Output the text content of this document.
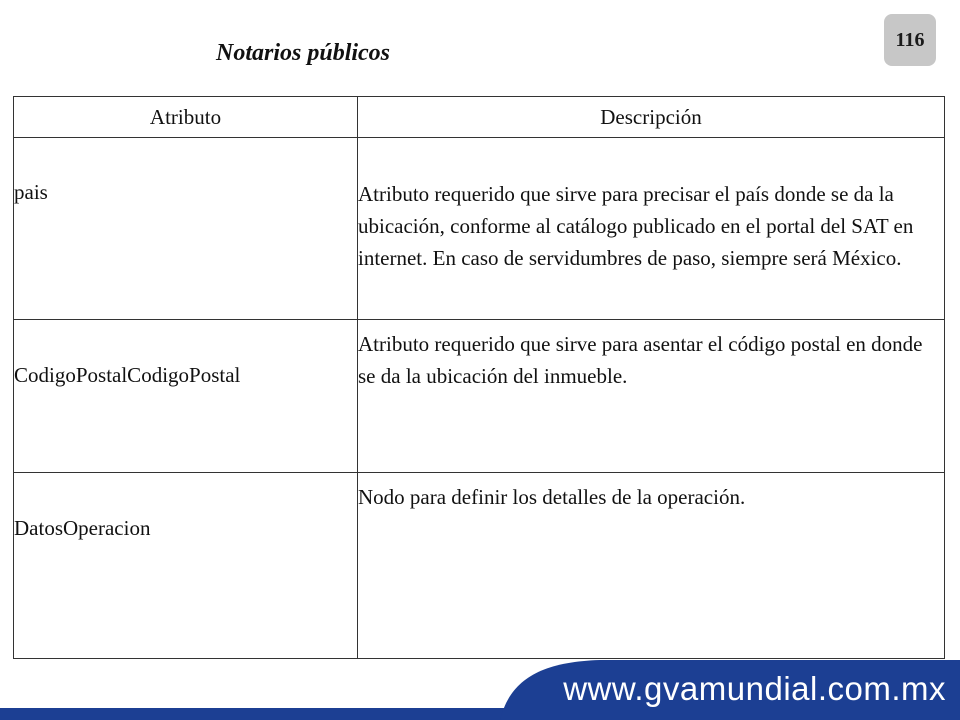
116
Notarios públicos
Atributo	Descripción

pais	Atributo requerido que sirve para precisar el país donde se da la ubicación, conforme al catálogo publicado en el portal del SAT en internet. En caso de servidumbres de paso, siempre será México.

CodigoPostalCodigoPostal	Atributo requerido que sirve para asentar el código postal en donde se da la ubicación del inmueble.

DatosOperacion	Nodo para definir los detalles de la operación.
www.gvamundial.com.mx
